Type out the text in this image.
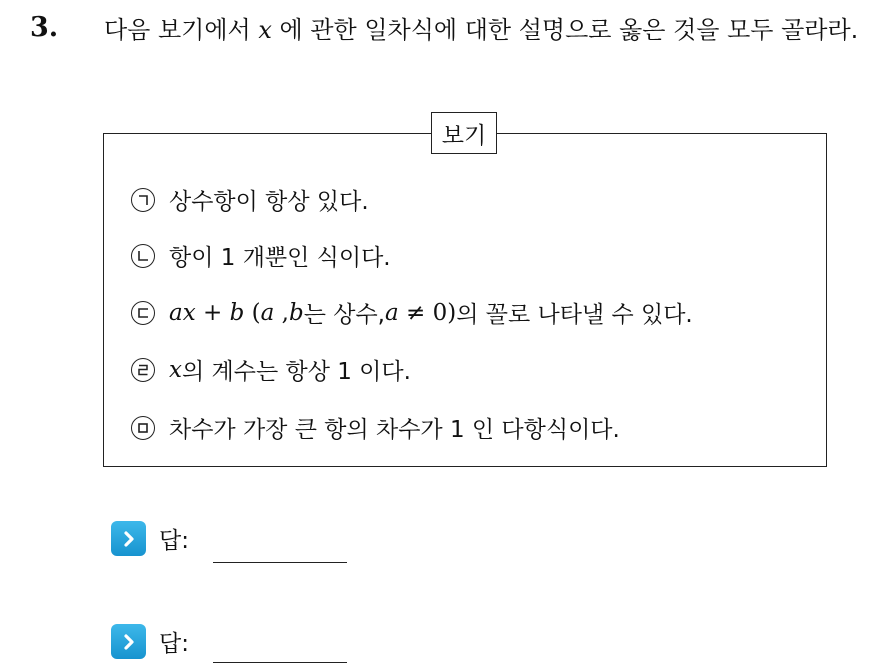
3. 다음 보기에서 x 에 관한 일차식에 대한 설명으로 옳은 것을 모두 골라라.
보기
상수항이 항상 있다.
항이 1 개뿐인 식이다.
ax + b (a ,b 는 상수, a ≠ 0) 의 꼴로 나타낼 수 있다.
x 의 계수는 항상 1 이다.
차수가 가장 큰 항의 차수가 1 인 다항식이다.
답:
답:
